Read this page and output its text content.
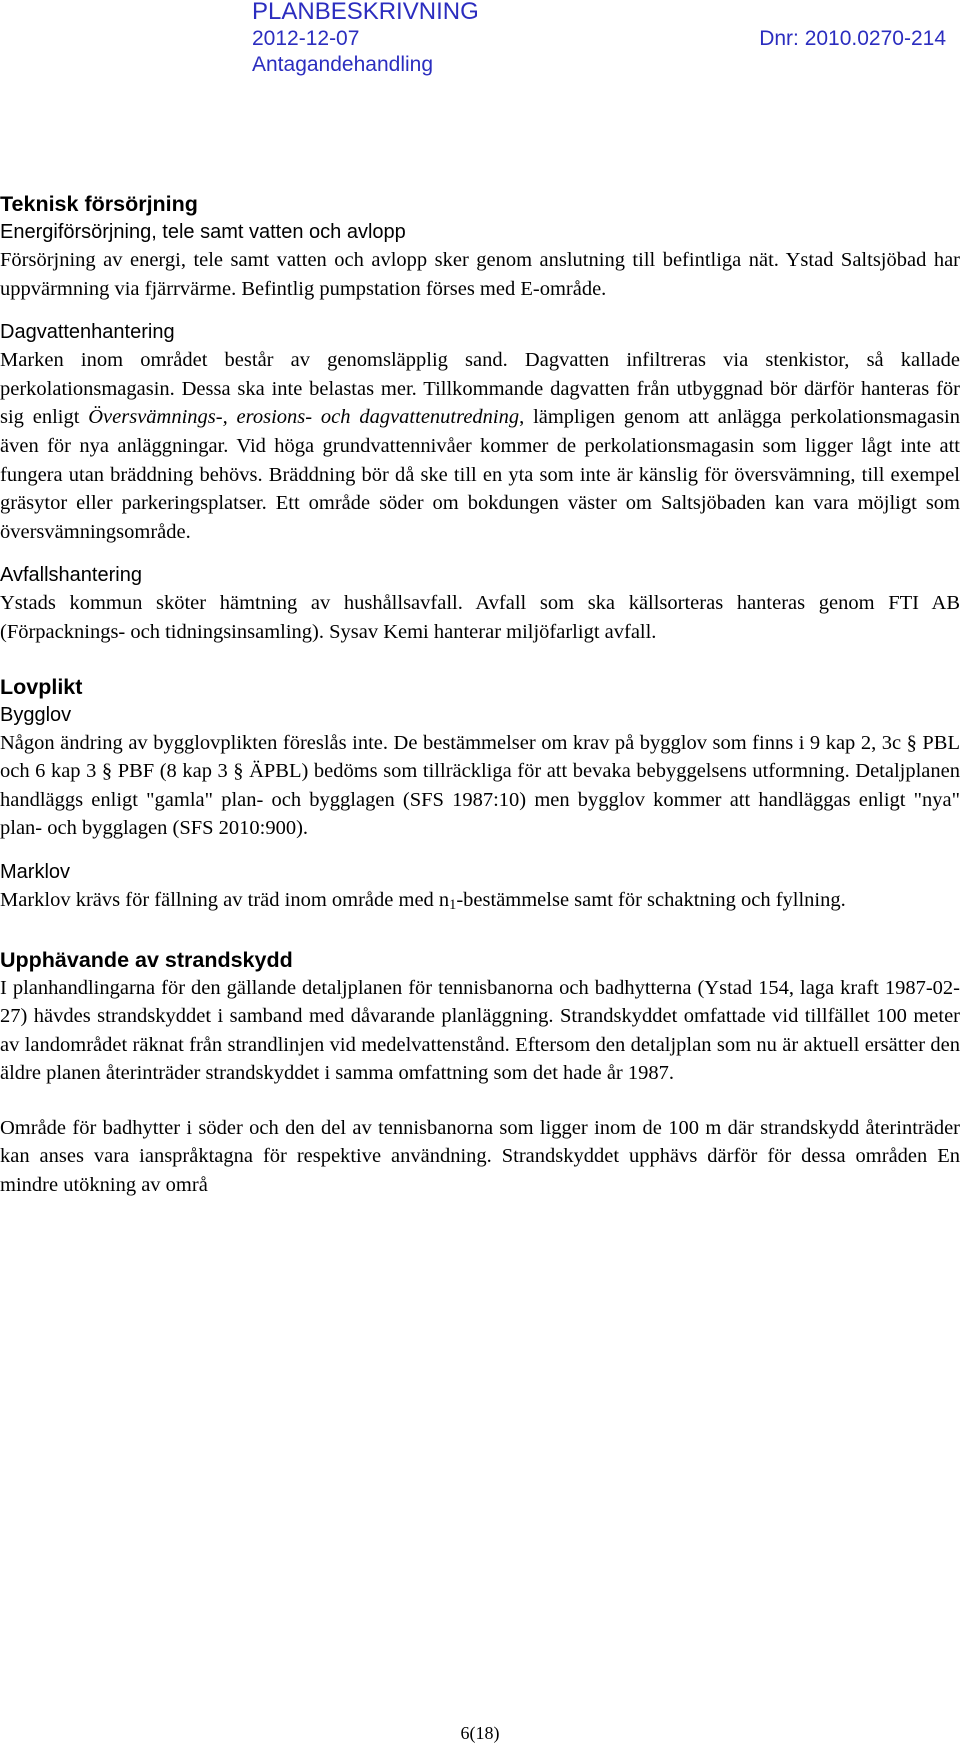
PLANBESKRIVNING
2012-12-07	Dnr: 2010.0270-214
Antagandehandling
Teknisk försörjning
Energiförsörjning, tele samt vatten och avlopp

Försörjning av energi, tele samt vatten och avlopp sker genom anslutning till befintliga nät. Ystad Saltsjöbad har uppvärmning via fjärrvärme. Befintlig pumpstation förses med E-område.

Dagvattenhantering

Marken inom området består av genomsläpplig sand. Dagvatten infiltreras via stenkistor, så kallade perkolationsmagasin. Dessa ska inte belastas mer. Tillkommande dagvatten från utbyggnad bör därför hanteras för sig enligt Översvämnings-, erosions- och dagvattenutredning, lämpligen genom att anlägga perkolationsmagasin även för nya anläggningar. Vid höga grundvattennivåer kommer de perkolationsmagasin som ligger lågt inte att fungera utan bräddning behövs. Bräddning bör då ske till en yta som inte är känslig för översvämning, till exempel gräsytor eller parkeringsplatser. Ett område söder om bokdungen väster om Saltsjöbaden kan vara möjligt som översvämningsområde.

Avfallshantering

Ystads kommun sköter hämtning av hushållsavfall. Avfall som ska källsorteras hanteras genom FTI AB (Förpacknings- och tidningsinsamling). Sysav Kemi hanterar miljöfarligt avfall.

Lovplikt
Bygglov

Någon ändring av bygglovplikten föreslås inte. De bestämmelser om krav på bygglov som finns i 9 kap 2, 3c § PBL och 6 kap 3 § PBF (8 kap 3 § ÄPBL) bedöms som tillräckliga för att bevaka bebyggelsens utformning. Detaljplanen handläggs enligt "gamla" plan- och bygglagen (SFS 1987:10) men bygglov kommer att handläggas enligt "nya" plan- och bygglagen (SFS 2010:900).

Marklov

Marklov krävs för fällning av träd inom område med $n_1$-bestämmelse samt för schaktning och fyllning.

Upphävande av strandskydd

I planhandlingarna för den gällande detaljplanen för tennisbanorna och badhytterna (Ystad 154, laga kraft 1987-02-27) hävdes strandskyddet i samband med dåvarande planläggning. Strandskyddet omfattade vid tillfället 100 meter av landområdet räknat från strandlinjen vid medelvattenstånd. Eftersom den detaljplan som nu är aktuell ersätter den äldre planen återinträder strandskyddet i samma omfattning som det hade år 1987.

Område för badhytter i söder och den del av tennisbanorna som ligger inom de 100 m där strandskydd återinträder kan anses vara ianspråktagna för respektive användning. Strandskyddet upphävs därför för dessa områden En mindre utökning av områ

6(18)
